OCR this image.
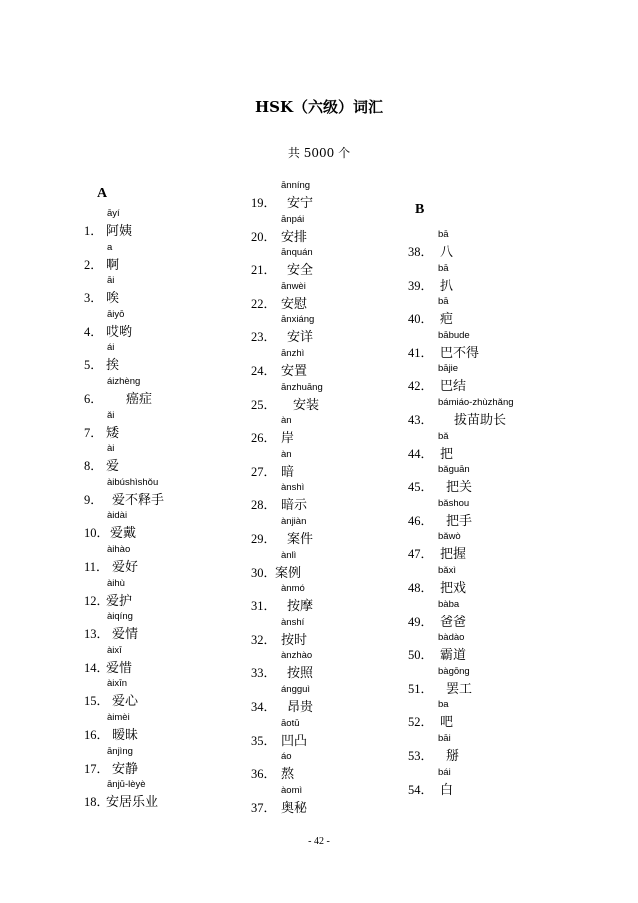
HSK（六级）词汇
共 5000 个
A
āyí
1． 阿姨
a
2． 啊
āi
3． 唉
āiyō
4． 哎哟
ái
5． 挨
áizhèng
6． 癌症
ǎi
7． 矮
ài
8． 爱
àibúshìshǒu
9． 爱不释手
àidài
10． 爱戴
àihào
11． 爱好
àihù
12．
爱护
àiqíng
13． 爱情
àixī
14．
爱惜
àixīn
15． 爱心
àimèi
16． 暧昧
ānjìng
17． 安静
ānjū-lèyè
18．
安居乐业
ānníng
19． 安宁
ānpái
20． 安排
ānquán
21． 安全
ānwèi
22． 安慰
ānxiáng
23． 安详
ānzhì
24． 安置
ānzhuāng
25． 安装
àn
26． 岸
àn
27． 暗
ànshì
28． 暗示
ànjiàn
29． 案件
ànlì
30．
案例
ànmó
31． 按摩
ànshí
32． 按时
ànzhào
33． 按照
ángguì
34． 昂贵
āotū
35． 凹凸
áo
36． 熬
àomì
37． 奥秘
B
bā
38． 八
bā
39． 扒
bā
40． 疤
bābude
41． 巴不得
bājie
42． 巴结
bámiáo-zhùzhǎng
43． 拔苗助长
bǎ
44． 把
bǎguān
45． 把关
bǎshou
46． 把手
bǎwò
47． 把握
bǎxì
48． 把戏
bàba
49． 爸爸
bàdào
50． 霸道
bàgōng
51． 罢工
ba
52． 吧
bāi
53． 掰
bái
54． 白
- 42 -
